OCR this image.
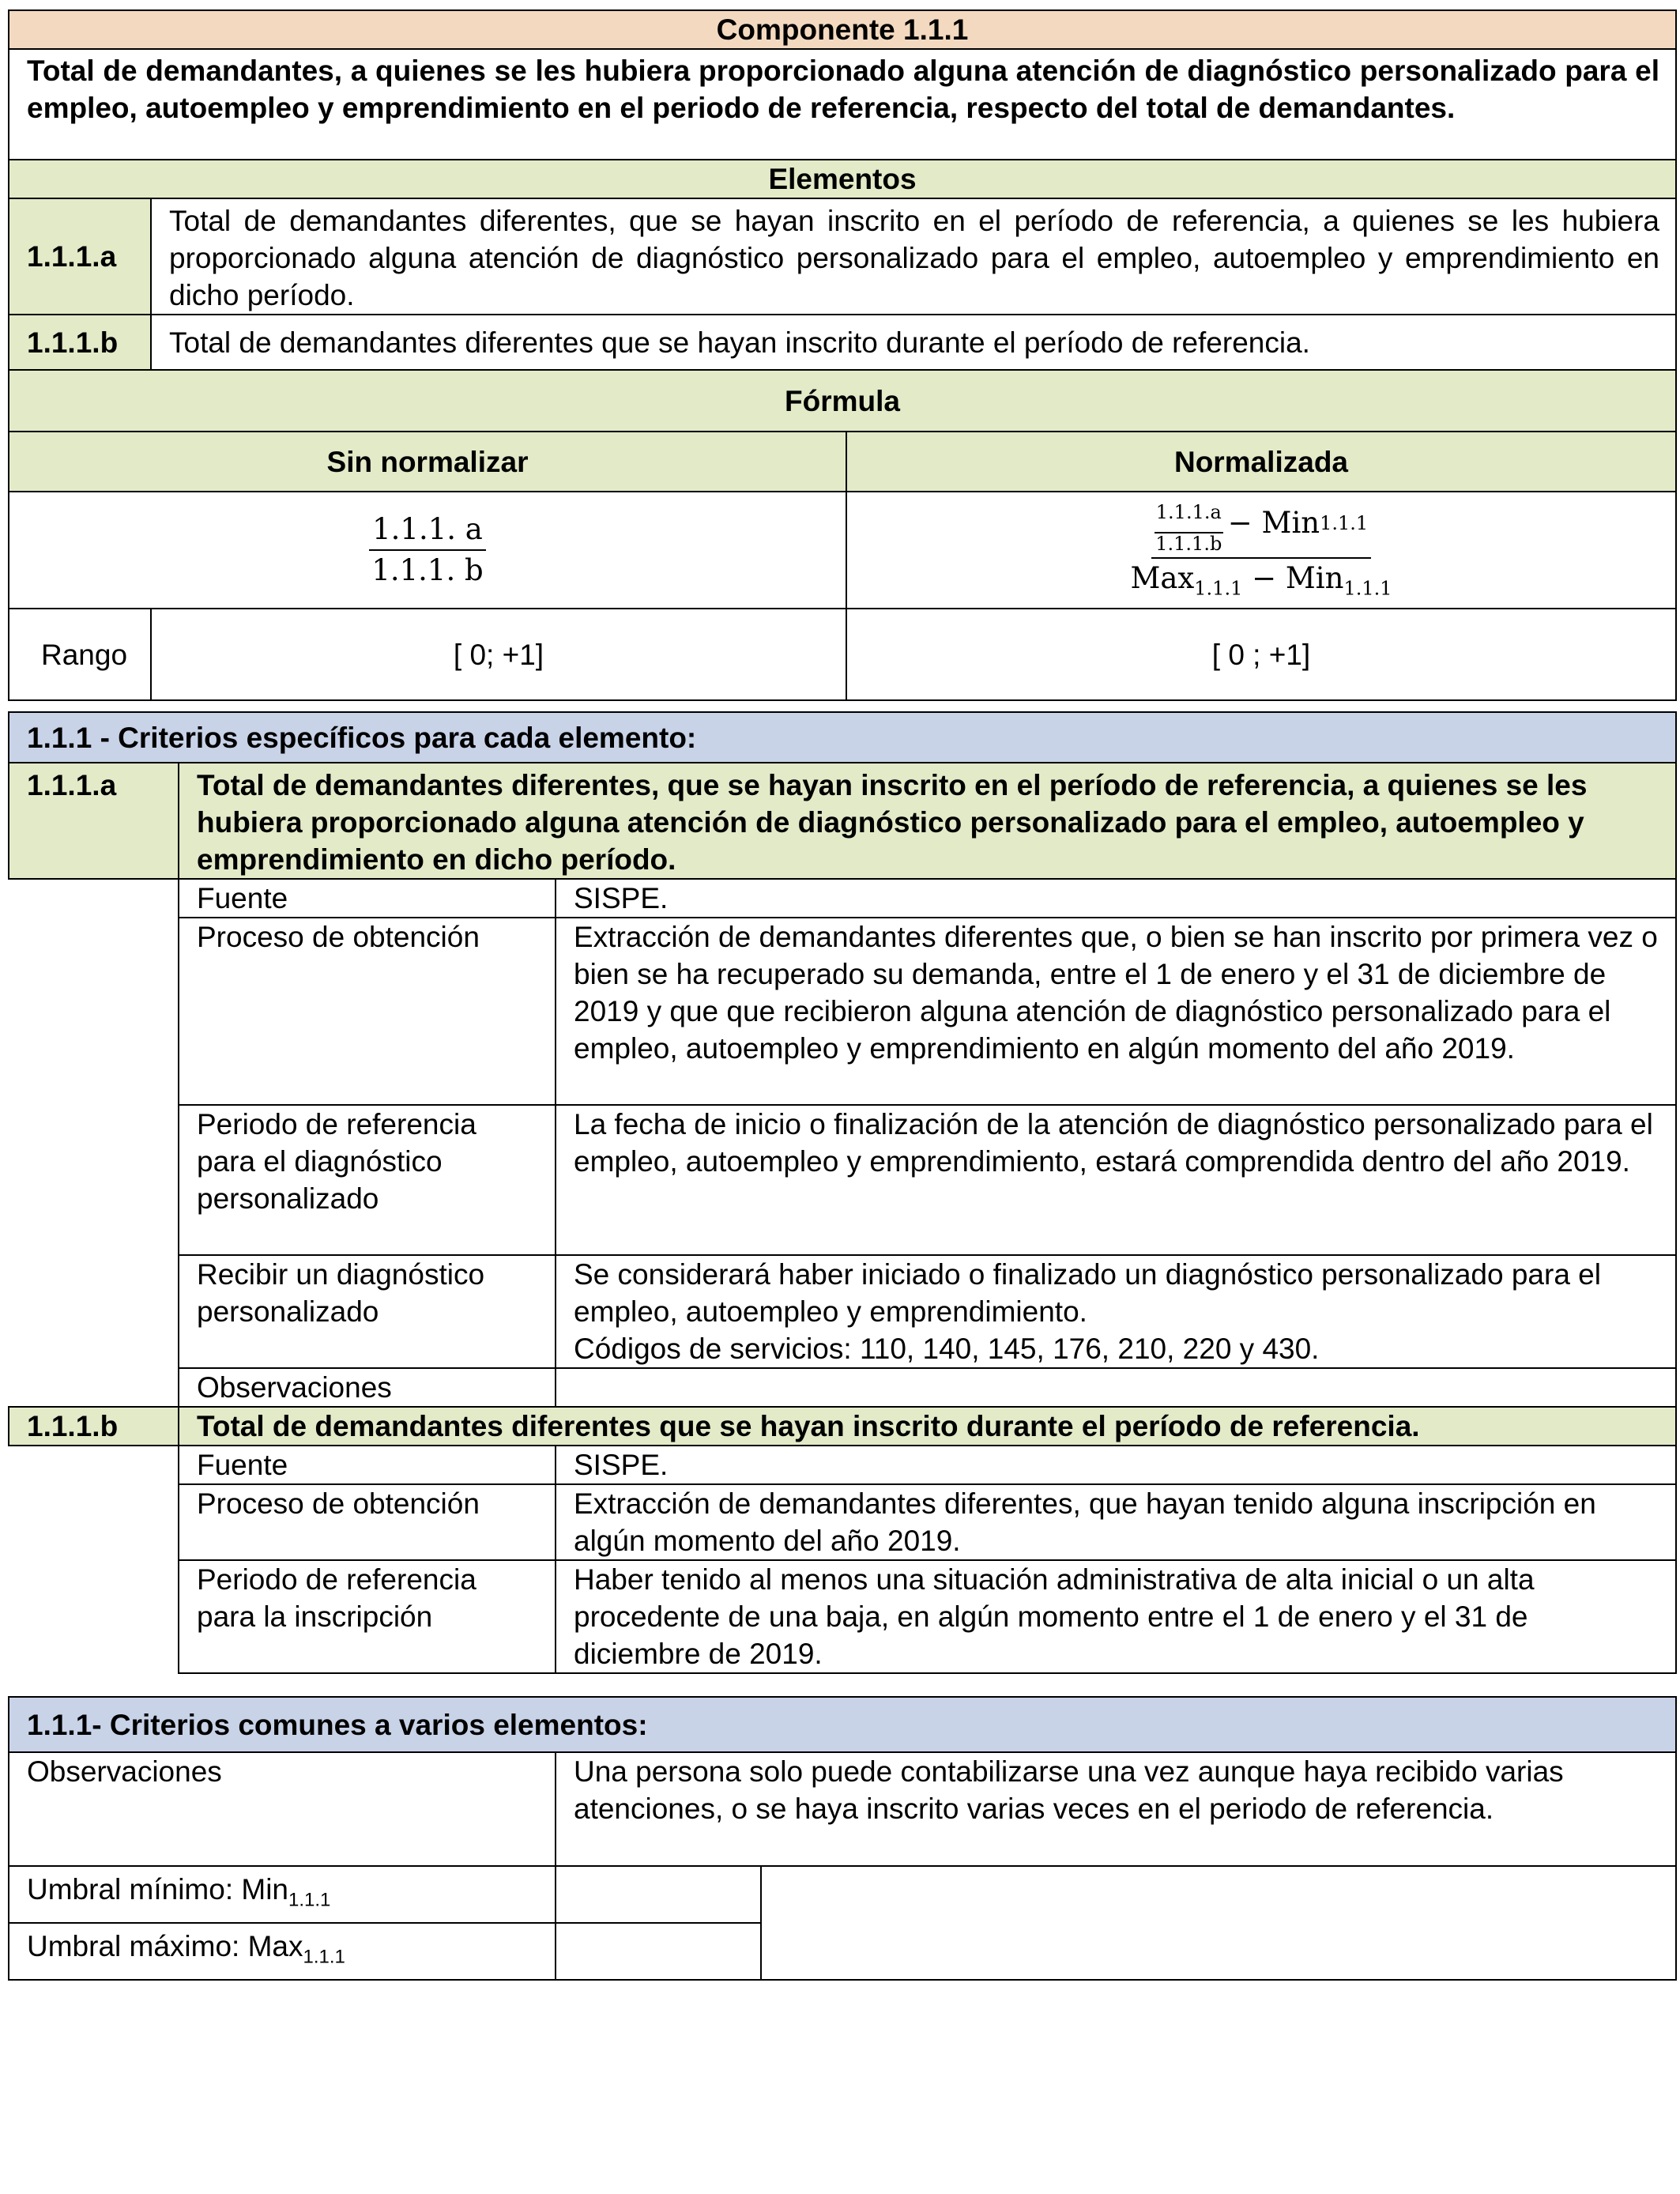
Componente 1.1.1		
Total de demandantes, a quienes se les hubiera proporcionado alguna atención de diagnóstico personalizado para el empleo, autoempleo y emprendimiento en el periodo de referencia, respecto del total de demandantes.		
Elementos		
1.1.1.a	Total de demandantes diferentes, que se hayan inscrito en el período de referencia, a quienes se les hubiera proporcionado alguna atención de diagnóstico personalizado para el empleo, autoempleo y emprendimiento en dicho período.	
1.1.1.b	Total de demandantes diferentes que se hayan inscrito durante el período de referencia.	
Fórmula		
Sin normalizar		Normalizada

$\frac{1.1.1. a}{1.1.1. b}$		$\frac{1.1.1.a}{1.1.1.b}$ − Min 1.1.1
Max$_{1.1.1}$ − Min$_{1.1.1}$

Rango	[ 0; +1]	[ 0 ; +1]
1.1.1 - Criterios específicos para cada elemento:		
1.1.1.a	Total de demandantes diferentes, que se hayan inscrito en el período de referencia, a quienes se les hubiera proporcionado alguna atención de diagnóstico personalizado para el empleo, autoempleo y emprendimiento en dicho período.	
	Fuente	SISPE.
	Proceso de obtención	Extracción de demandantes diferentes que, o bien se han inscrito por primera vez o bien se ha recuperado su demanda, entre el 1 de enero y el 31 de diciembre de 2019 y que que recibieron alguna atención de diagnóstico personalizado para el empleo, autoempleo y emprendimiento en algún momento del año 2019.
	Periodo de referencia para el diagnóstico personalizado	La fecha de inicio o finalización de la atención de diagnóstico personalizado para el empleo, autoempleo y emprendimiento, estará comprendida dentro del año 2019.
	Recibir un diagnóstico personalizado	Se considerará haber iniciado o finalizado un diagnóstico personalizado para el empleo, autoempleo y emprendimiento.
Códigos de servicios: 110, 140, 145, 176, 210, 220 y 430.
	Observaciones	
1.1.1.b	Total de demandantes diferentes que se hayan inscrito durante el período de referencia.	
	Fuente	SISPE.
	Proceso de obtención	Extracción de demandantes diferentes, que hayan tenido alguna inscripción en algún momento del año 2019.
	Periodo de referencia para la inscripción	Haber tenido al menos una situación administrativa de alta inicial o un alta procedente de una baja, en algún momento entre el 1 de enero y el 31 de diciembre de 2019.
1.1.1- Criterios comunes a varios elementos:		
Observaciones	Una persona solo puede contabilizarse una vez aunque haya recibido varias atenciones, o se haya inscrito varias veces en el periodo de referencia.	
Umbral mínimo: Min$_{1.1.1}$		
Umbral máximo: Max$_{1.1.1}$	
